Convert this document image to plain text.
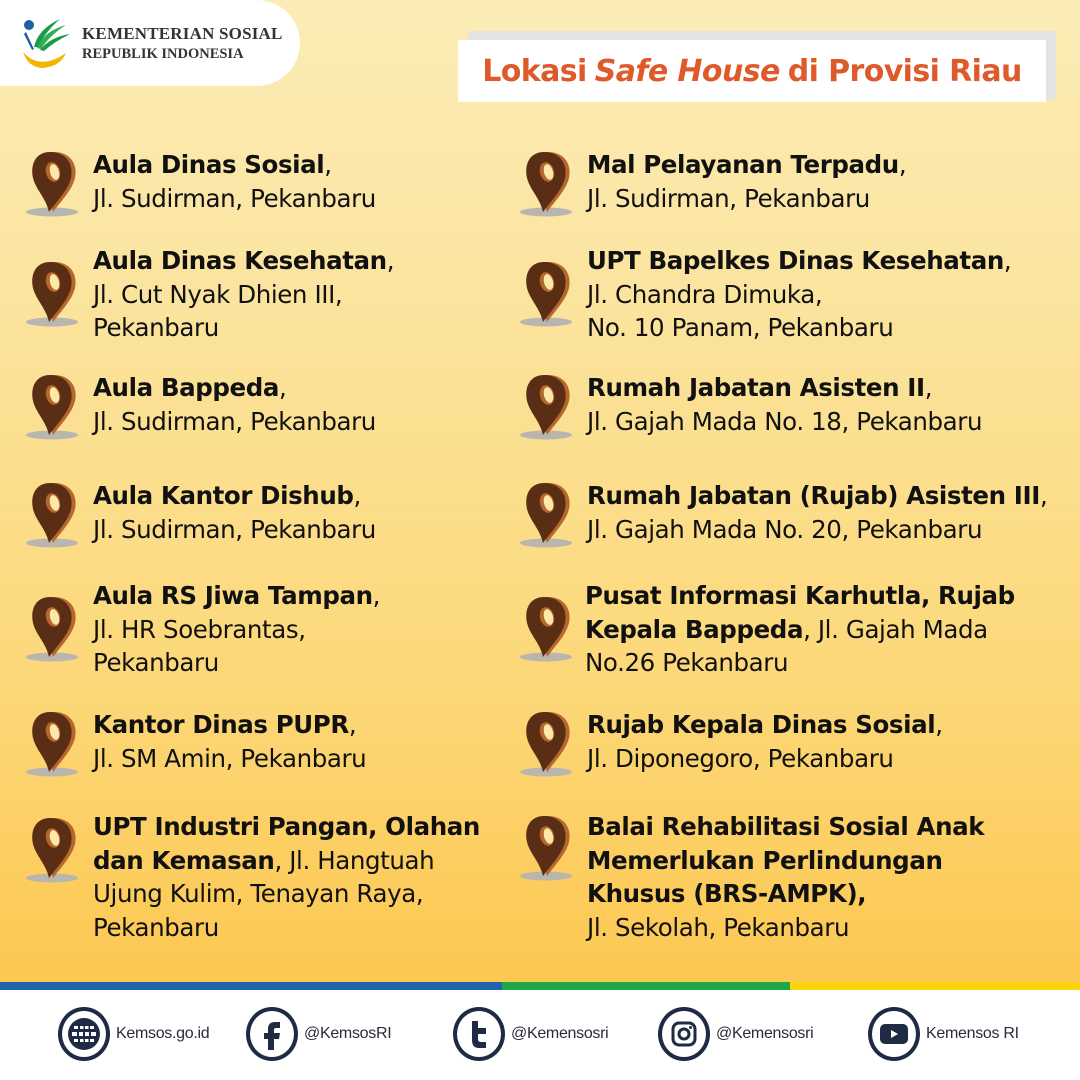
KEMENTERIAN SOSIAL
REPUBLIK INDONESIA	Lokasi Safe House di Provisi Riau
Aula Dinas Sosial,
Jl. Sudirman, Pekanbaru
Aula Dinas Kesehatan,
Jl. Cut Nyak Dhien III,
Pekanbaru
Aula Bappeda,
Jl. Sudirman, Pekanbaru
Aula Kantor Dishub,
Jl. Sudirman, Pekanbaru
Aula RS Jiwa Tampan,
Jl. HR Soebrantas,
Pekanbaru
Kantor Dinas PUPR,
Jl. SM Amin, Pekanbaru
UPT Industri Pangan, Olahan
dan Kemasan, Jl. Hangtuah
Ujung Kulim, Tenayan Raya,
Pekanbaru
Mal Pelayanan Terpadu,
Jl. Sudirman, Pekanbaru
UPT Bapelkes Dinas Kesehatan,
Jl. Chandra Dimuka,
No. 10 Panam, Pekanbaru
Rumah Jabatan Asisten II,
Jl. Gajah Mada No. 18, Pekanbaru
Rumah Jabatan (Rujab) Asisten III,
Jl. Gajah Mada No. 20, Pekanbaru
Pusat Informasi Karhutla, Rujab
Kepala Bappeda, Jl. Gajah Mada
No.26 Pekanbaru
Rujab Kepala Dinas Sosial,
Jl. Diponegoro, Pekanbaru
Balai Rehabilitasi Sosial Anak
Memerlukan Perlindungan
Khusus (BRS-AMPK),
Jl. Sekolah, Pekanbaru
Kemsos.go.id	@KemsosRI	@Kemensosri	@Kemensosri	Kemensos RI
